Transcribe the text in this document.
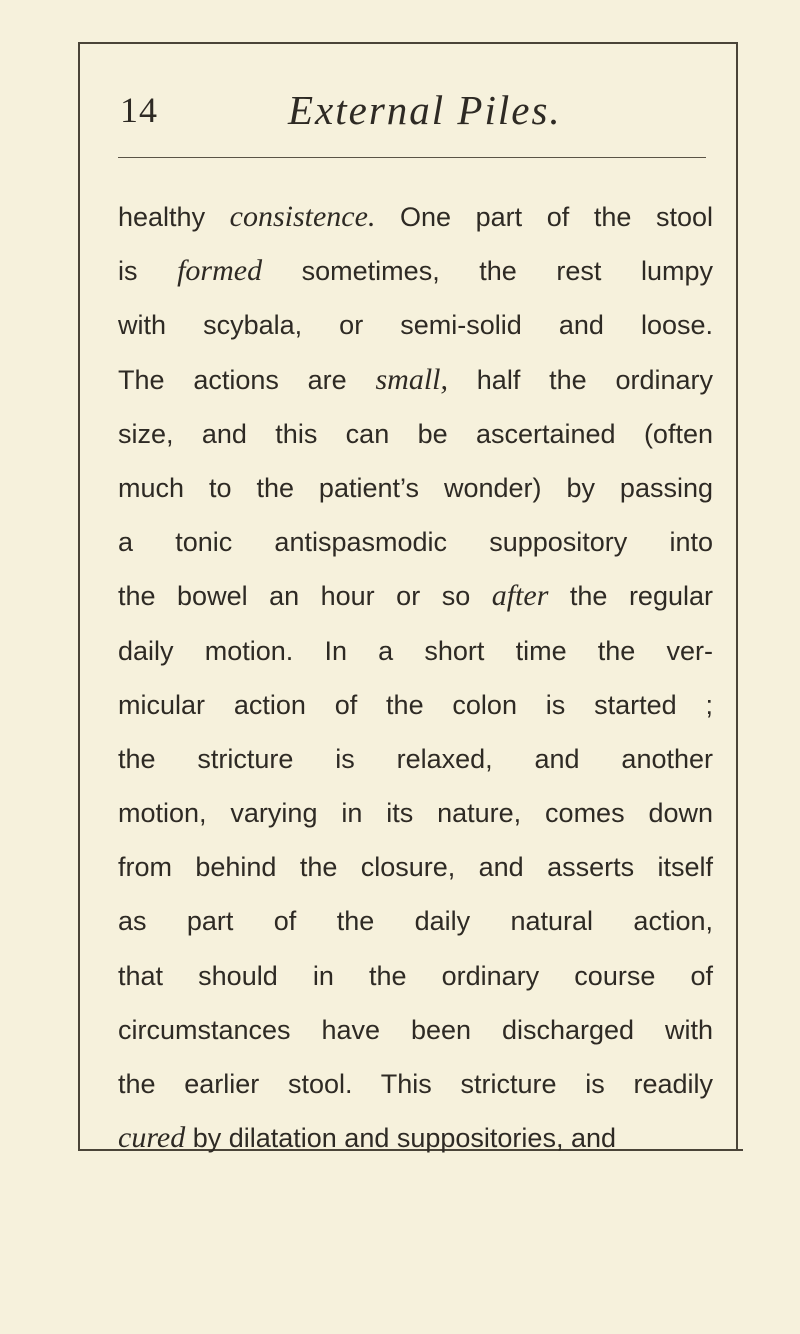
14	External Piles.
healthy consistence. One part of the stool
is formed sometimes, the rest lumpy
with scybala, or semi-solid and loose.
The actions are small, half the ordinary
size, and this can be ascertained (often
much to the patient’s wonder) by passing
a tonic antispasmodic suppository into
the bowel an hour or so after the regular
daily motion. In a short time the ver-
micular action of the colon is started ;
the stricture is relaxed, and another
motion, varying in its nature, comes down
from behind the closure, and asserts itself
as part of the daily natural action,
that should in the ordinary course of
circumstances have been discharged with
the earlier stool. This stricture is readily
cured by dilatation and suppositories, and
